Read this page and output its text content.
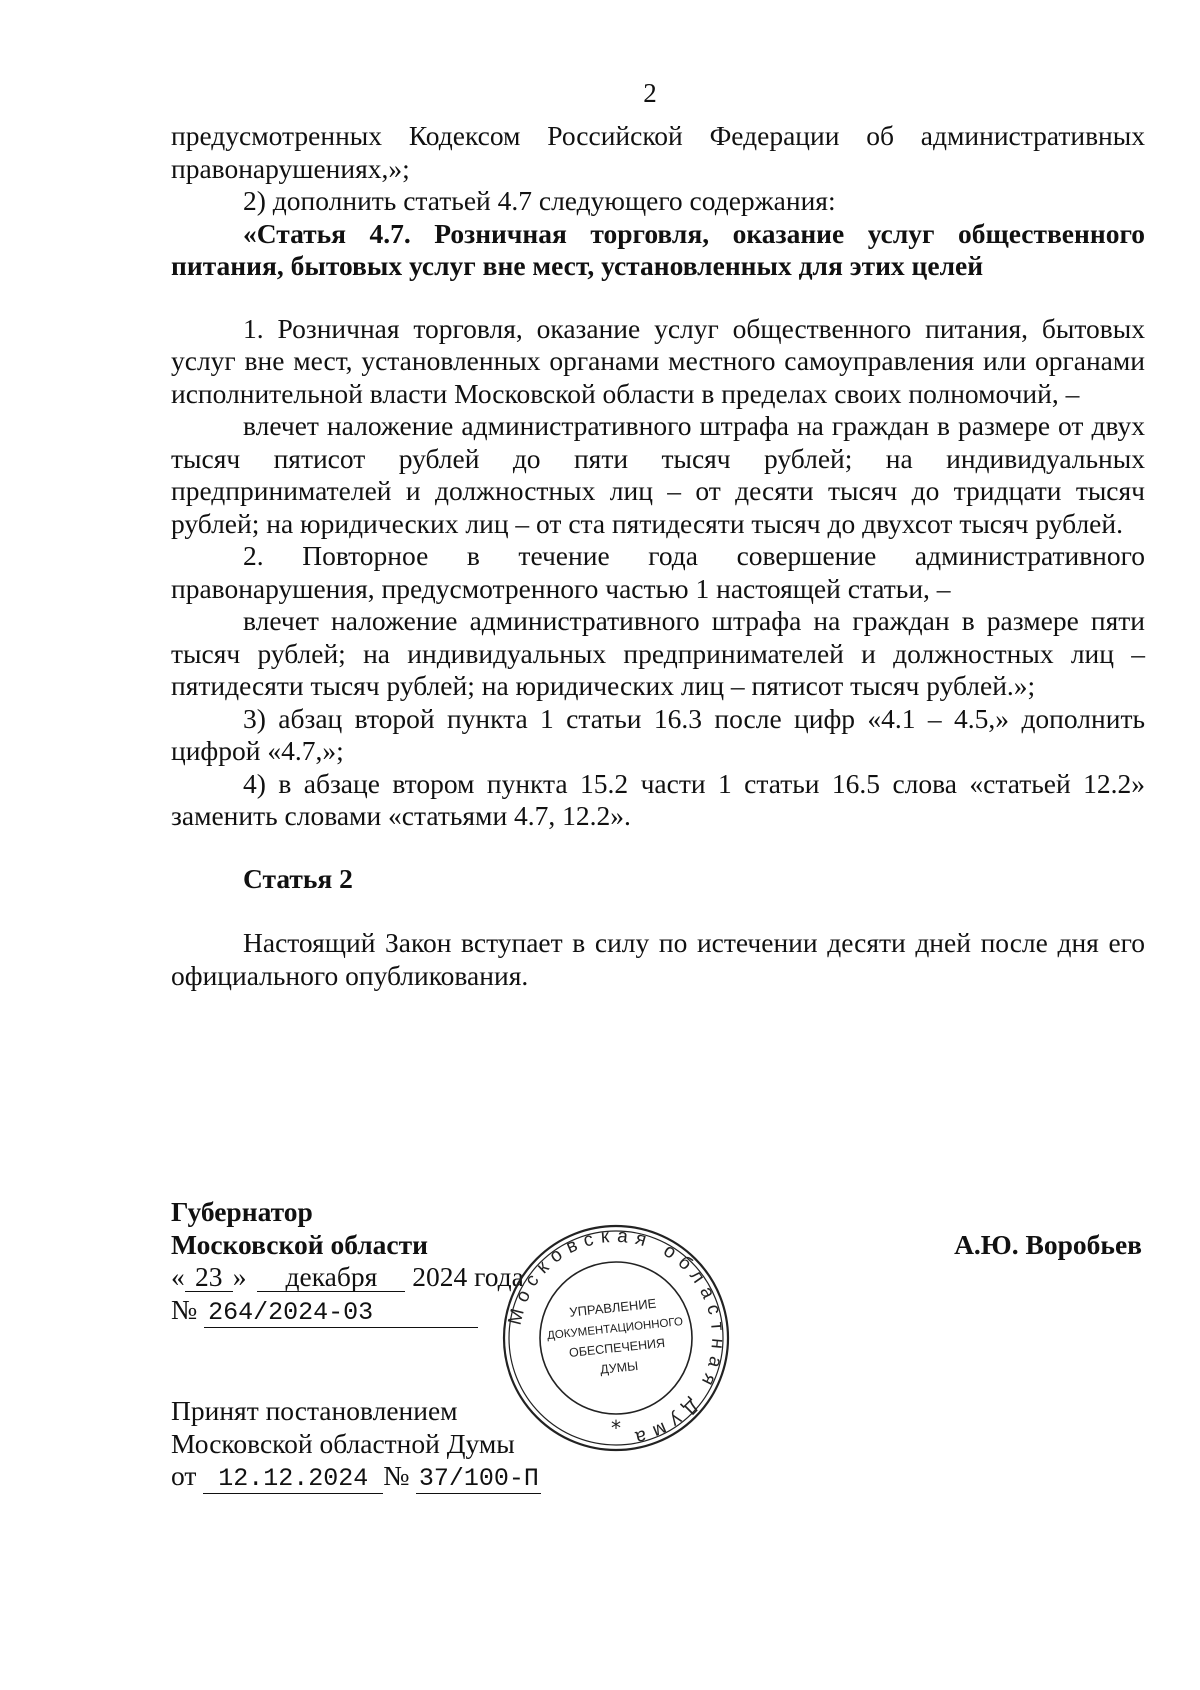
2

предусмотренных Кодексом Российской Федерации об административных правонарушениях,»;

2) дополнить статьей 4.7 следующего содержания:

«Статья 4.7. Розничная торговля, оказание услуг общественного питания, бытовых услуг вне мест, установленных для этих целей

1. Розничная торговля, оказание услуг общественного питания, бытовых услуг вне мест, установленных органами местного самоуправления или органами исполнительной власти Московской области в пределах своих полномочий, –

влечет наложение административного штрафа на граждан в размере от двух тысяч пятисот рублей до пяти тысяч рублей; на индивидуальных предпринимателей и должностных лиц – от десяти тысяч до тридцати тысяч рублей; на юридических лиц – от ста пятидесяти тысяч до двухсот тысяч рублей.

2. Повторное в течение года совершение административного правонарушения, предусмотренного частью 1 настоящей статьи, –

влечет наложение административного штрафа на граждан в размере пяти тысяч рублей; на индивидуальных предпринимателей и должностных лиц – пятидесяти тысяч рублей; на юридических лиц – пятисот тысяч рублей.»;

3) абзац второй пункта 1 статьи 16.3 после цифр «4.1 – 4.5,» дополнить цифрой «4.7,»;

4) в абзаце втором пункта 15.2 части 1 статьи 16.5 слова «статьей 12.2» заменить словами «статьями 4.7, 12.2».

Статья 2

Настоящий Закон вступает в силу по истечении десяти дней после дня его официального опубликования.

Губернатор
Московской области
« 23 » декабря 2024 года
№ 264/2024-03
А.Ю. Воробьев
Принят постановлением
Московской областной Думы
от 12.12.2024 № 37/100-П
Московская областная Дума
УПРАВЛЕНИЕ
ДОКУМЕНТАЦИОННОГО
ОБЕСПЕЧЕНИЯ
ДУМЫ
*
